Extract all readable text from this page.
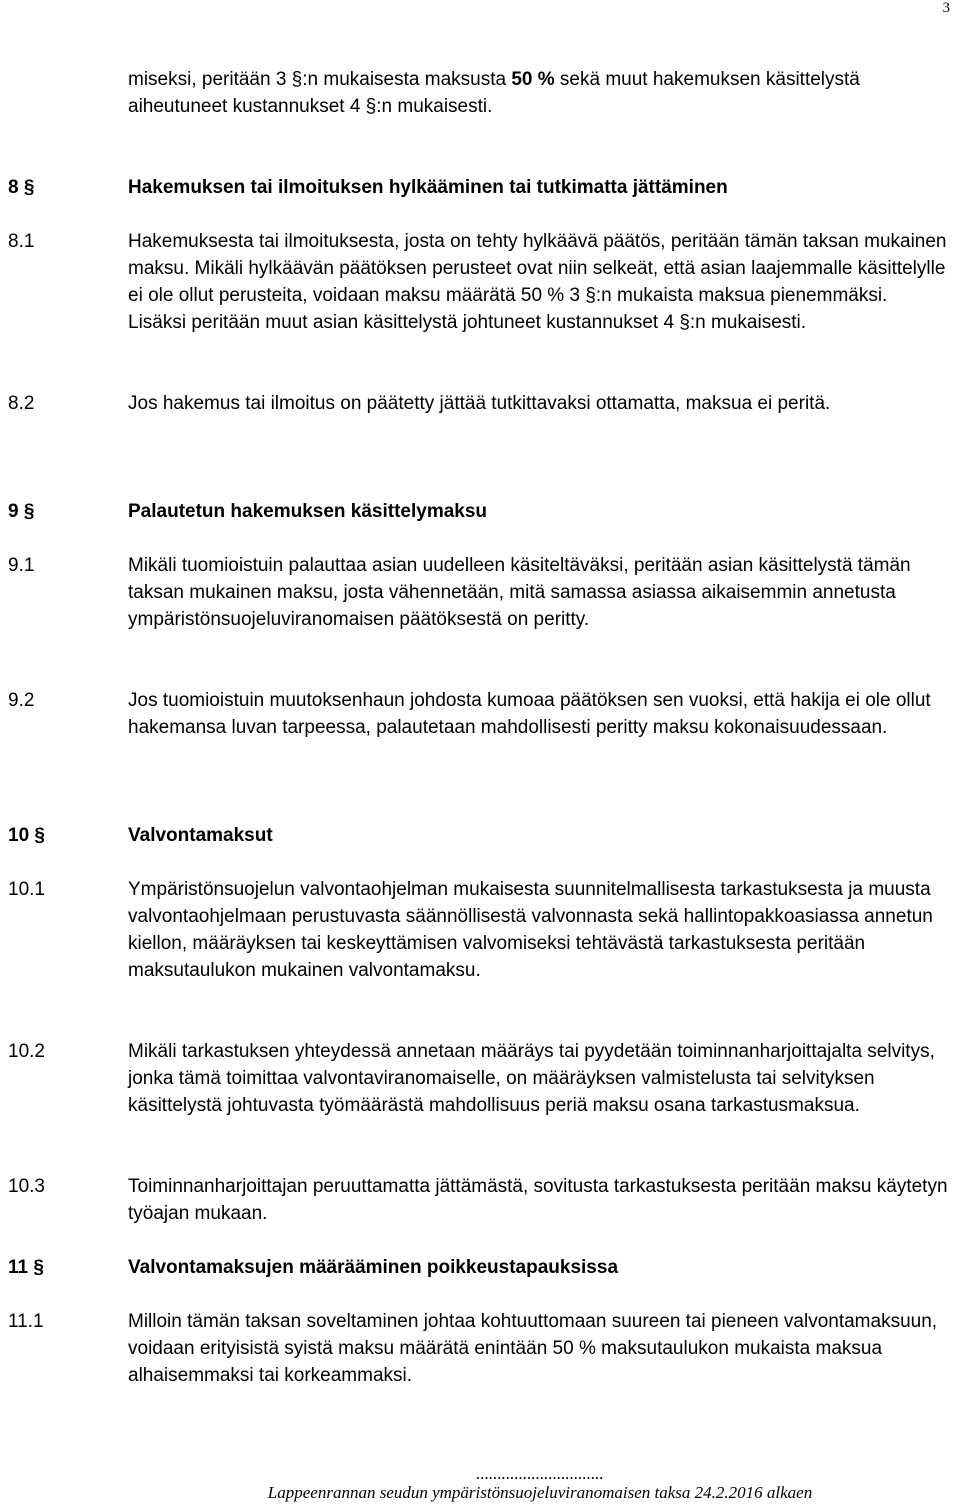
3

miseksi, peritään 3 §:n mukaisesta maksusta 50 % sekä muut hakemuksen käsittelystä aiheutuneet kustannukset 4 §:n mukaisesti.

8 §	Hakemuksen tai ilmoituksen hylkääminen tai tutkimatta jättäminen
8.1	Hakemuksesta tai ilmoituksesta, josta on tehty hylkäävä päätös, peritään tämän taksan mukainen maksu. Mikäli hylkäävän päätöksen perusteet ovat niin selkeät, että asian laajemmalle käsittelylle ei ole ollut perusteita, voidaan maksu määrätä 50 % 3 §:n mukaista maksua pienemmäksi. Lisäksi peritään muut asian käsittelystä johtuneet kustannukset 4 §:n mukaisesti.

8.2	Jos hakemus tai ilmoitus on päätetty jättää tutkittavaksi ottamatta, maksua ei peritä.

9 §	Palautetun hakemuksen käsittelymaksu
9.1	Mikäli tuomioistuin palauttaa asian uudelleen käsiteltäväksi, peritään asian käsittelystä tämän taksan mukainen maksu, josta vähennetään, mitä samassa asiassa aikaisemmin annetusta ympäristönsuojeluviranomaisen päätöksestä on peritty.

9.2	Jos tuomioistuin muutoksenhaun johdosta kumoaa päätöksen sen vuoksi, että hakija ei ole ollut hakemansa luvan tarpeessa, palautetaan mahdollisesti peritty maksu kokonaisuudessaan.

10 §	Valvontamaksut
10.1	Ympäristönsuojelun valvontaohjelman mukaisesta suunnitelmallisesta tarkastuksesta ja muusta valvontaohjelmaan perustuvasta säännöllisestä valvonnasta sekä hallintopakkoasiassa annetun kiellon, määräyksen tai keskeyttämisen valvomiseksi tehtävästä tarkastuksesta peritään maksutaulukon mukainen valvontamaksu.

10.2	Mikäli tarkastuksen yhteydessä annetaan määräys tai pyydetään toiminnanharjoittajalta selvitys, jonka tämä toimittaa valvontaviranomaiselle, on määräyksen valmistelusta tai selvityksen käsittelystä johtuvasta työmäärästä mahdollisuus periä maksu osana tarkastusmaksua.

10.3	Toiminnanharjoittajan peruuttamatta jättämästä, sovitusta tarkastuksesta peritään maksu käytetyn työajan mukaan.

11 §	Valvontamaksujen määrääminen poikkeustapauksissa
11.1	Milloin tämän taksan soveltaminen johtaa kohtuuttomaan suureen tai pieneen valvontamaksuun, voidaan erityisistä syistä maksu määrätä enintään 50 % maksutaulukon mukaista maksua alhaisemmaksi tai korkeammaksi.

..............................
Lappeenrannan seudun ympäristönsuojeluviranomaisen taksa 24.2.2016 alkaen
